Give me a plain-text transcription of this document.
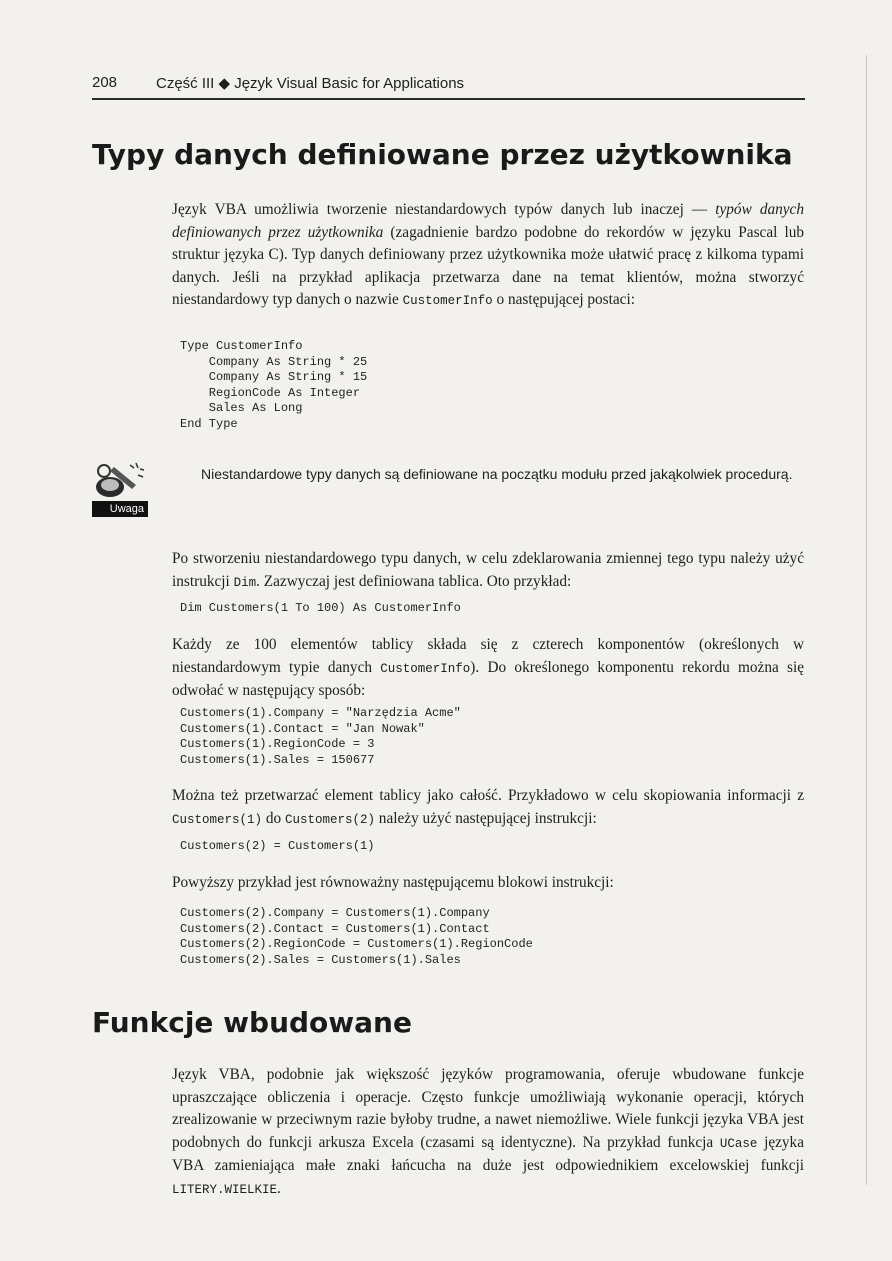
208	Część III ◆ Język Visual Basic for Applications
Typy danych definiowane przez użytkownika

Język VBA umożliwia tworzenie niestandardowych typów danych lub inaczej — typów danych definiowanych przez użytkownika (zagadnienie bardzo podobne do rekordów w języku Pascal lub struktur języka C). Typ danych definiowany przez użytkownika może ułatwić pracę z kilkoma typami danych. Jeśli na przykład aplikacja przetwarza dane na temat klientów, można stworzyć niestandardowy typ danych o nazwie CustomerInfo o następującej postaci:

Type CustomerInfo
Company As String * 25
Company As String * 15
RegionCode As Integer
Sales As Long
End Type
Uwaga

Niestandardowe typy danych są definiowane na początku modułu przed jakąkolwiek procedurą.

Po stworzeniu niestandardowego typu danych, w celu zdeklarowania zmiennej tego typu należy użyć instrukcji Dim. Zazwyczaj jest definiowana tablica. Oto przykład:

Dim Customers(1 To 100) As CustomerInfo

Każdy ze 100 elementów tablicy składa się z czterech komponentów (określonych w niestandardowym typie danych CustomerInfo). Do określonego komponentu rekordu można się odwołać w następujący sposób:

Customers(1).Company = "Narzędzia Acme"
Customers(1).Contact = "Jan Nowak"
Customers(1).RegionCode = 3
Customers(1).Sales = 150677

Można też przetwarzać element tablicy jako całość. Przykładowo w celu skopiowania informacji z Customers(1) do Customers(2) należy użyć następującej instrukcji:

Customers(2) = Customers(1)

Powyższy przykład jest równoważny następującemu blokowi instrukcji:

Customers(2).Company = Customers(1).Company
Customers(2).Contact = Customers(1).Contact
Customers(2).RegionCode = Customers(1).RegionCode
Customers(2).Sales = Customers(1).Sales
Funkcje wbudowane

Język VBA, podobnie jak większość języków programowania, oferuje wbudowane funkcje upraszczające obliczenia i operacje. Często funkcje umożliwiają wykonanie operacji, których zrealizowanie w przeciwnym razie byłoby trudne, a nawet niemożliwe. Wiele funkcji języka VBA jest podobnych do funkcji arkusza Excela (czasami są identyczne). Na przykład funkcja UCase języka VBA zamieniająca małe znaki łańcucha na duże jest odpowiednikiem excelowskiej funkcji LITERY.WIELKIE.
